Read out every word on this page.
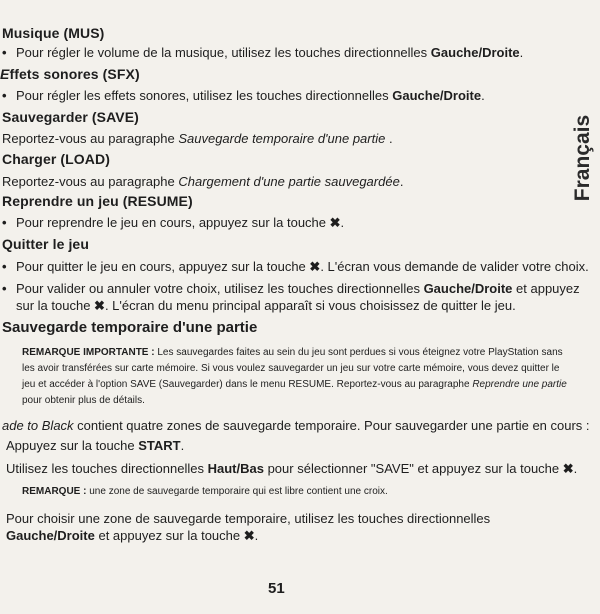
Musique (MUS)
• Pour régler le volume de la musique, utilisez les touches directionnelles Gauche/Droite.
Effets sonores (SFX)
• Pour régler les effets sonores, utilisez les touches directionnelles Gauche/Droite.
Sauvegarder (SAVE)
Reportez-vous au paragraphe Sauvegarde temporaire d'une partie .
Charger (LOAD)
Reportez-vous au paragraphe Chargement d'une partie sauvegardée.
Reprendre un jeu (RESUME)
• Pour reprendre le jeu en cours, appuyez sur la touche ✖.
Quitter le jeu
• Pour quitter le jeu en cours, appuyez sur la touche ✖. L'écran vous demande de valider votre choix.
• Pour valider ou annuler votre choix, utilisez les touches directionnelles Gauche/Droite et appuyez
sur la touche ✖. L'écran du menu principal apparaît si vous choisissez de quitter le jeu.
Sauvegarde temporaire d'une partie
REMARQUE IMPORTANTE : Les sauvegardes faites au sein du jeu sont perdues si vous éteignez votre PlayStation sans
les avoir transférées sur carte mémoire. Si vous voulez sauvegarder un jeu sur votre carte mémoire, vous devez quitter le
jeu et accéder à l'option SAVE (Sauvegarder) dans le menu RESUME. Reportez-vous au paragraphe Reprendre une partie
pour obtenir plus de détails.
ade to Black contient quatre zones de sauvegarde temporaire. Pour sauvegarder une partie en cours :
Appuyez sur la touche START.
Utilisez les touches directionnelles Haut/Bas pour sélectionner "SAVE" et appuyez sur la touche ✖.
REMARQUE : une zone de sauvegarde temporaire qui est libre contient une croix.
Pour choisir une zone de sauvegarde temporaire, utilisez les touches directionnelles
Gauche/Droite et appuyez sur la touche ✖.
Français
51
